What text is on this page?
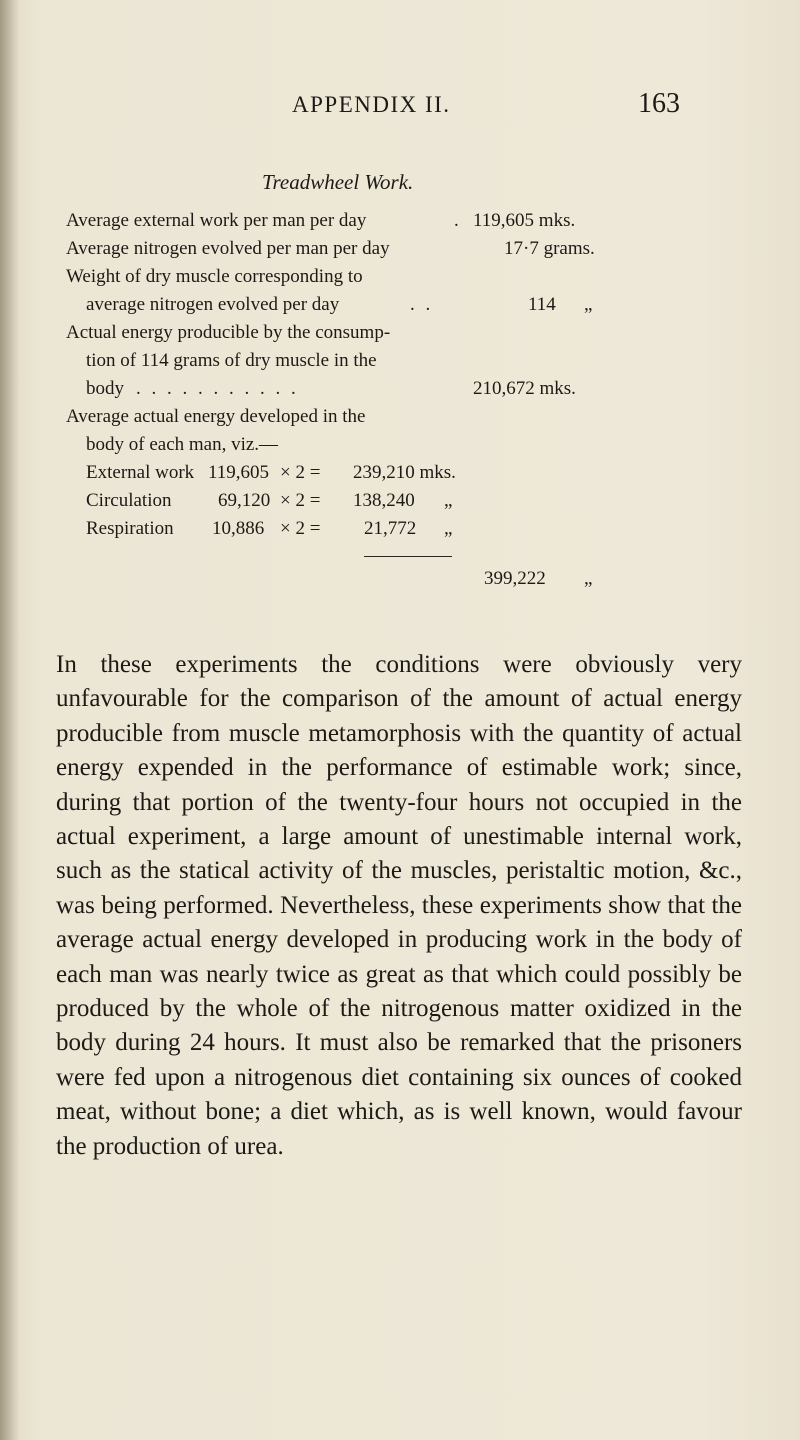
APPENDIX II.	163
Treadwheel Work.
Average external work per man per day	. 119,605 mks.
Average nitrogen evolved per man per day	17·7 grams.
Weight of dry muscle corresponding to
average nitrogen evolved per day	. .	114 „
Actual energy producible by the consump-
tion of 114 grams of dry muscle in the
body . . . . . . . . . . .	210,672 mks.
Average actual energy developed in the
body of each man, viz.—
External work 119,605 × 2 = 239,210 mks.
Circulation 69,120 × 2 = 138,240 „
Respiration 10,886 × 2 = 21,772 „
399,222 „

In these experiments the conditions were obviously very unfavourable for the comparison of the amount of actual energy producible from muscle metamorphosis with the quantity of actual energy expended in the performance of estimable work; since, during that portion of the twenty-four hours not occupied in the actual experiment, a large amount of unestimable internal work, such as the statical activity of the muscles, peristaltic motion, &c., was being performed. Nevertheless, these experiments show that the average actual energy developed in producing work in the body of each man was nearly twice as great as that which could possibly be produced by the whole of the nitrogenous matter oxidized in the body during 24 hours. It must also be remarked that the prisoners were fed upon a nitrogenous diet containing six ounces of cooked meat, without bone; a diet which, as is well known, would favour the production of urea.
